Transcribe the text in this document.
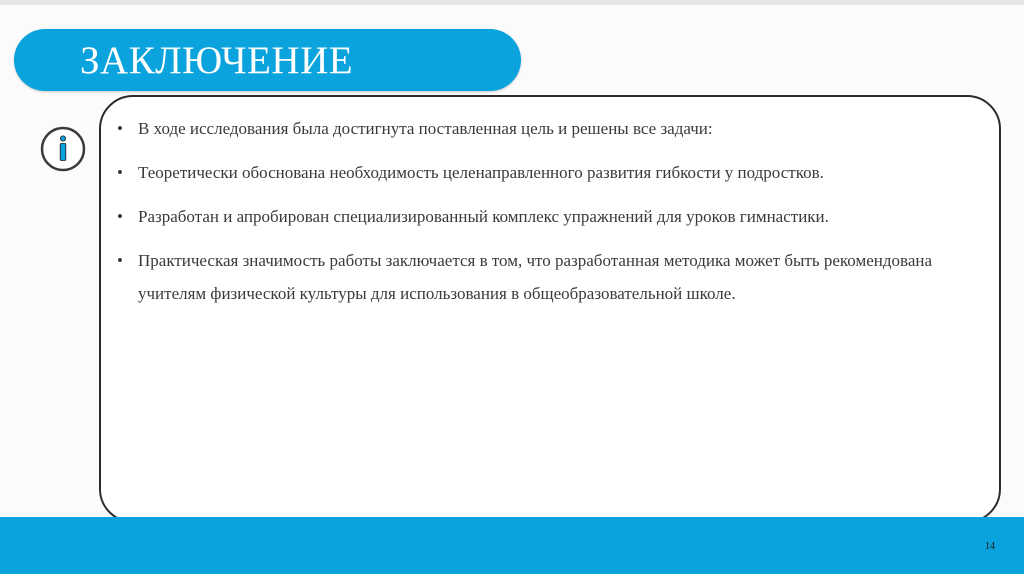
ЗАКЛЮЧЕНИЕ
• В ходе исследования была достигнута поставленная цель и решены все задачи:
• Теоретически обоснована необходимость целенаправленного развития гибкости у подростков.
• Разработан и апробирован специализированный комплекс упражнений для уроков гимнастики.
• Практическая значимость работы заключается в том, что разработанная методика может быть рекомендована учителям физической культуры для использования в общеобразовательной школе.
14
